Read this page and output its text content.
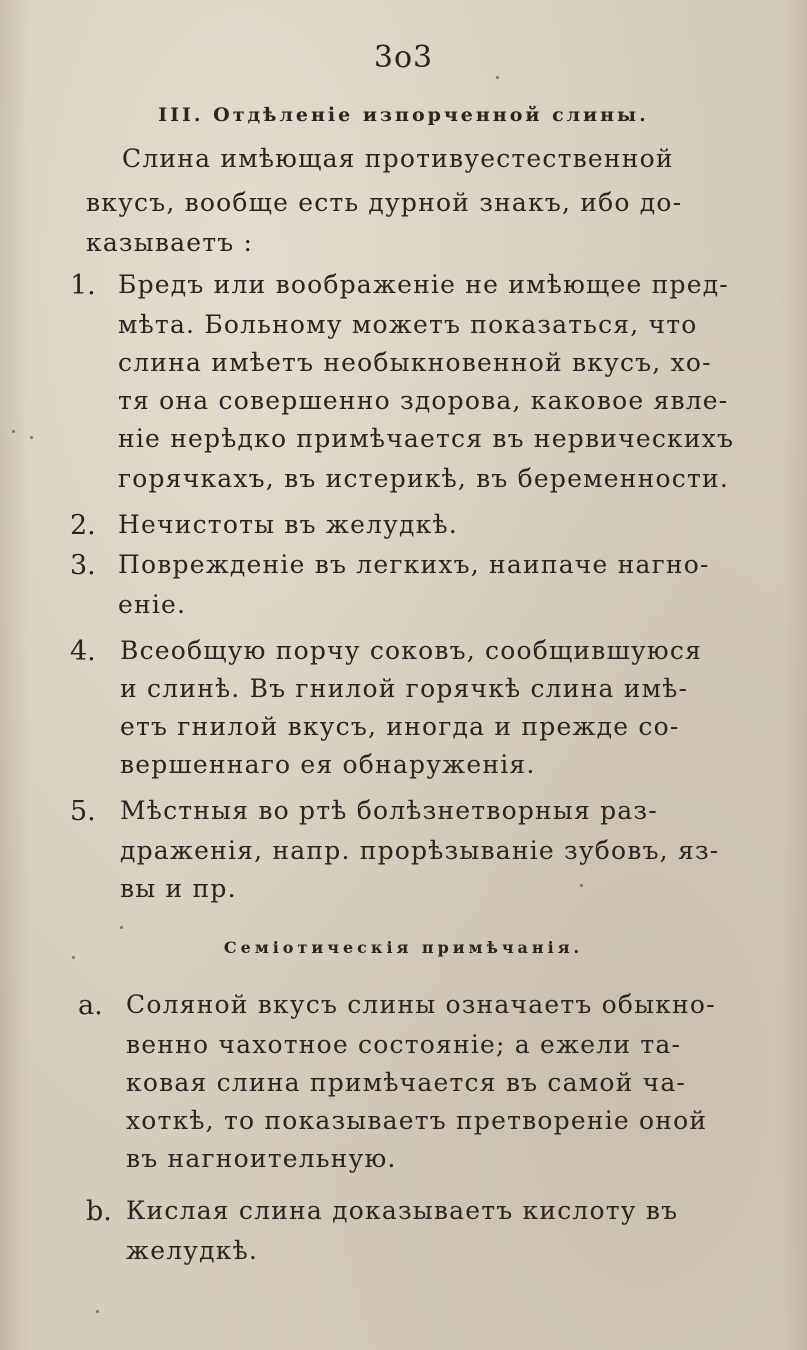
3о3
III. Отдѣленіе изпорченной слины.
Слина имѣющая противуестественной
вкусъ, вообще есть дурной знакъ, ибо до-
казываетъ :
1. Бредъ или воображеніе не имѣющее пред-
мѣта. Больному можетъ показаться, что
слина имѣетъ необыкновенной вкусъ, хо-
тя она совершенно здорова, каковое явле-
ніе нерѣдко примѣчается въ нервическихъ
горячкахъ, въ истерикѣ, въ беременности.
2. Нечистоты въ желудкѣ.
3. Поврежденіе въ легкихъ, наипаче нагно-
еніе.
4. Всеобщую порчу соковъ, сообщившуюся
и слинѣ. Въ гнилой горячкѣ слина имѣ-
етъ гнилой вкусъ, иногда и прежде со-
вершеннаго ея обнаруженія.
5. Мѣстныя во ртѣ болѣзнетворныя раз-
драженія, напр. прорѣзываніе зубовъ, яз-
вы и пр.
Семіотическія примѣчанія.
a. Соляной вкусъ слины означаетъ обыкно-
венно чахотное состояніе; а ежели та-
ковая слина примѣчается въ самой ча-
хоткѣ, то показываетъ претвореніе оной
въ нагноительную.
b. Кислая слина доказываетъ кислоту въ
желудкѣ.
